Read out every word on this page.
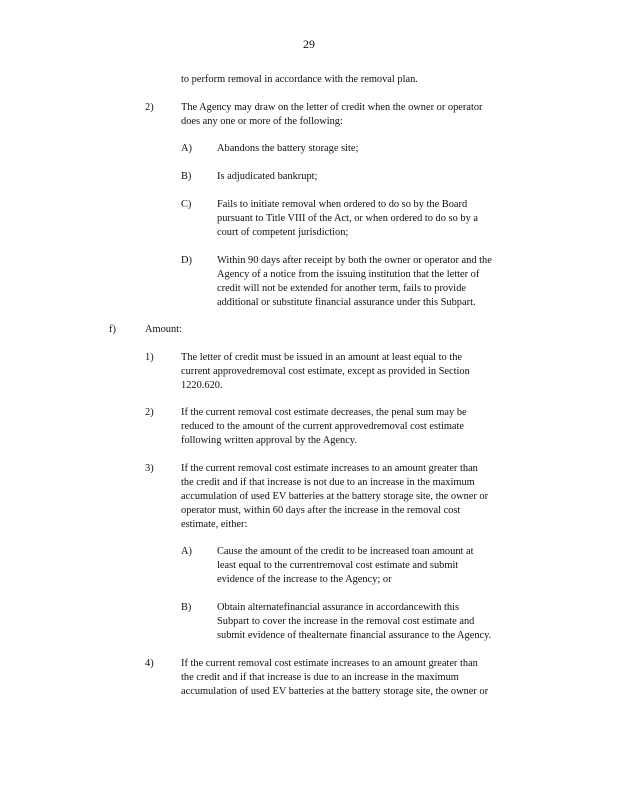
29
to perform removal in accordance with the removal plan.
2)	The Agency may draw on the letter of credit when the owner or operator
does any one or more of the following:
A) Abandons the battery storage site;
B) Is adjudicated bankrupt;
C) Fails to initiate removal when ordered to do so by the Board
pursuant to Title VIII of the Act, or when ordered to do so by a
court of competent jurisdiction;
D) Within 90 days after receipt by both the owner or operator and the
Agency of a notice from the issuing institution that the letter of
credit will not be extended for another term, fails to provide
additional or substitute financial assurance under this Subpart.
f)	Amount:
1)	The letter of credit must be issued in an amount at least equal to the
current approvedremoval cost estimate, except as provided in Section
1220.620.
2)	If the current removal cost estimate decreases, the penal sum may be
reduced to the amount of the current approvedremoval cost estimate
following written approval by the Agency.
3)	If the current removal cost estimate increases to an amount greater than
the credit and if that increase is not due to an increase in the maximum
accumulation of used EV batteries at the battery storage site, the owner or
operator must, within 60 days after the increase in the removal cost
estimate, either:
A) Cause the amount of the credit to be increased toan amount at
least equal to the currentremoval cost estimate and submit
evidence of the increase to the Agency; or
B) Obtain alternatefinancial assurance in accordancewith this
Subpart to cover the increase in the removal cost estimate and
submit evidence of thealternate financial assurance to the Agency.
4)	If the current removal cost estimate increases to an amount greater than
the credit and if that increase is due to an increase in the maximum
accumulation of used EV batteries at the battery storage site, the owner or
